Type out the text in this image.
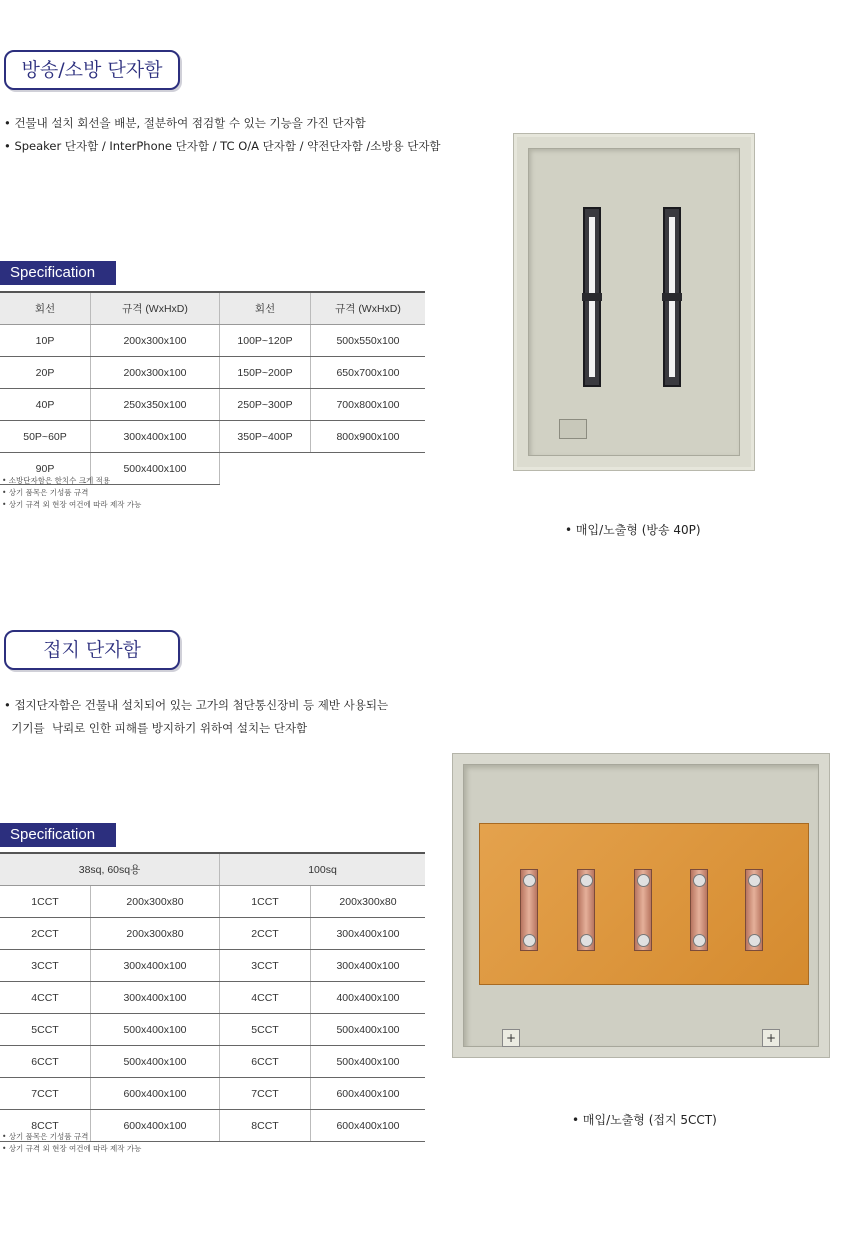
방송/소방 단자함
• 건물내 설치 회선을 배분, 절분하여 점검할 수 있는 기능을 가진 단자함
• Speaker 단자함 / InterPhone 단자함 / TC O/A 단자함 / 약전단자함 /소방용 단자함
Specification
회선	규격 (WxHxD)	회선	규격 (WxHxD)
10P	200x300x100	100P~120P	500x550x100
20P	200x300x100	150P~200P	650x700x100
40P	250x350x100	250P~300P	700x800x100
50P~60P	300x400x100	350P~400P	800x900x100
90P	500x400x100		
• 소방단자함은 한치수 크게 적용
• 상기 품목은 기성품 규격
• 상기 규격 외 현장 여건에 따라 제작 가능
• 매입/노출형 (방송 40P)
접지 단자함
• 접지단자함은 건물내 설치되어 있는 고가의 첨단통신장비 등 제반 사용되는
기기를  낙뢰로 인한 피해를 방지하기 위하여 설치는 단자함
Specification
38sq, 60sq용		100sq	
1CCT	200x300x80	1CCT	200x300x80
2CCT	200x300x80	2CCT	300x400x100
3CCT	300x400x100	3CCT	300x400x100
4CCT	300x400x100	4CCT	400x400x100
5CCT	500x400x100	5CCT	500x400x100
6CCT	500x400x100	6CCT	500x400x100
7CCT	600x400x100	7CCT	600x400x100
8CCT	600x400x100	8CCT	600x400x100
• 상기 품목은 기성품 규격
• 상기 규격 외 현장 여건에 따라 제작 가능
+	+
• 매입/노출형 (접지 5CCT)
